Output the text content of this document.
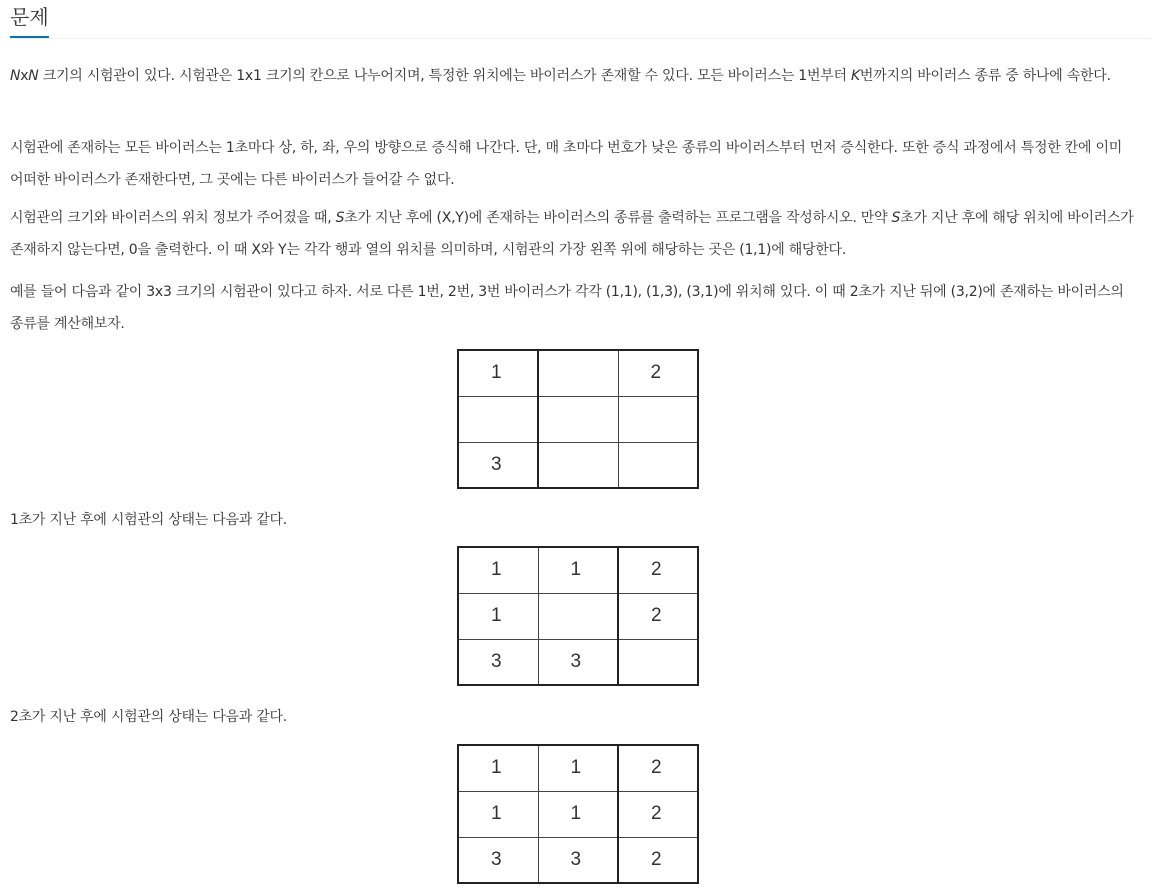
문제

NxN 크기의 시험관이 있다. 시험관은 1x1 크기의 칸으로 나누어지며, 특정한 위치에는 바이러스가 존재할 수 있다. 모든 바이러스는 1번부터 K번까지의 바이러스 종류 중 하나에 속한다.

시험관에 존재하는 모든 바이러스는 1초마다 상, 하, 좌, 우의 방향으로 증식해 나간다. 단, 매 초마다 번호가 낮은 종류의 바이러스부터 먼저 증식한다. 또한 증식 과정에서 특정한 칸에 이미 어떠한 바이러스가 존재한다면, 그 곳에는 다른 바이러스가 들어갈 수 없다.

시험관의 크기와 바이러스의 위치 정보가 주어졌을 때, S초가 지난 후에 (X,Y)에 존재하는 바이러스의 종류를 출력하는 프로그램을 작성하시오. 만약 S초가 지난 후에 해당 위치에 바이러스가 존재하지 않는다면, 0을 출력한다. 이 때 X와 Y는 각각 행과 열의 위치를 의미하며, 시험관의 가장 왼쪽 위에 해당하는 곳은 (1,1)에 해당한다.

예를 들어 다음과 같이 3x3 크기의 시험관이 있다고 하자. 서로 다른 1번, 2번, 3번 바이러스가 각각 (1,1), (1,3), (3,1)에 위치해 있다. 이 때 2초가 지난 뒤에 (3,2)에 존재하는 바이러스의 종류를 계산해보자.

1		2

3		

1초가 지난 후에 시험관의 상태는 다음과 같다.

1	1	2
1		2
3	3	

2초가 지난 후에 시험관의 상태는 다음과 같다.

1	1	2
1	1	2
3	3	2
